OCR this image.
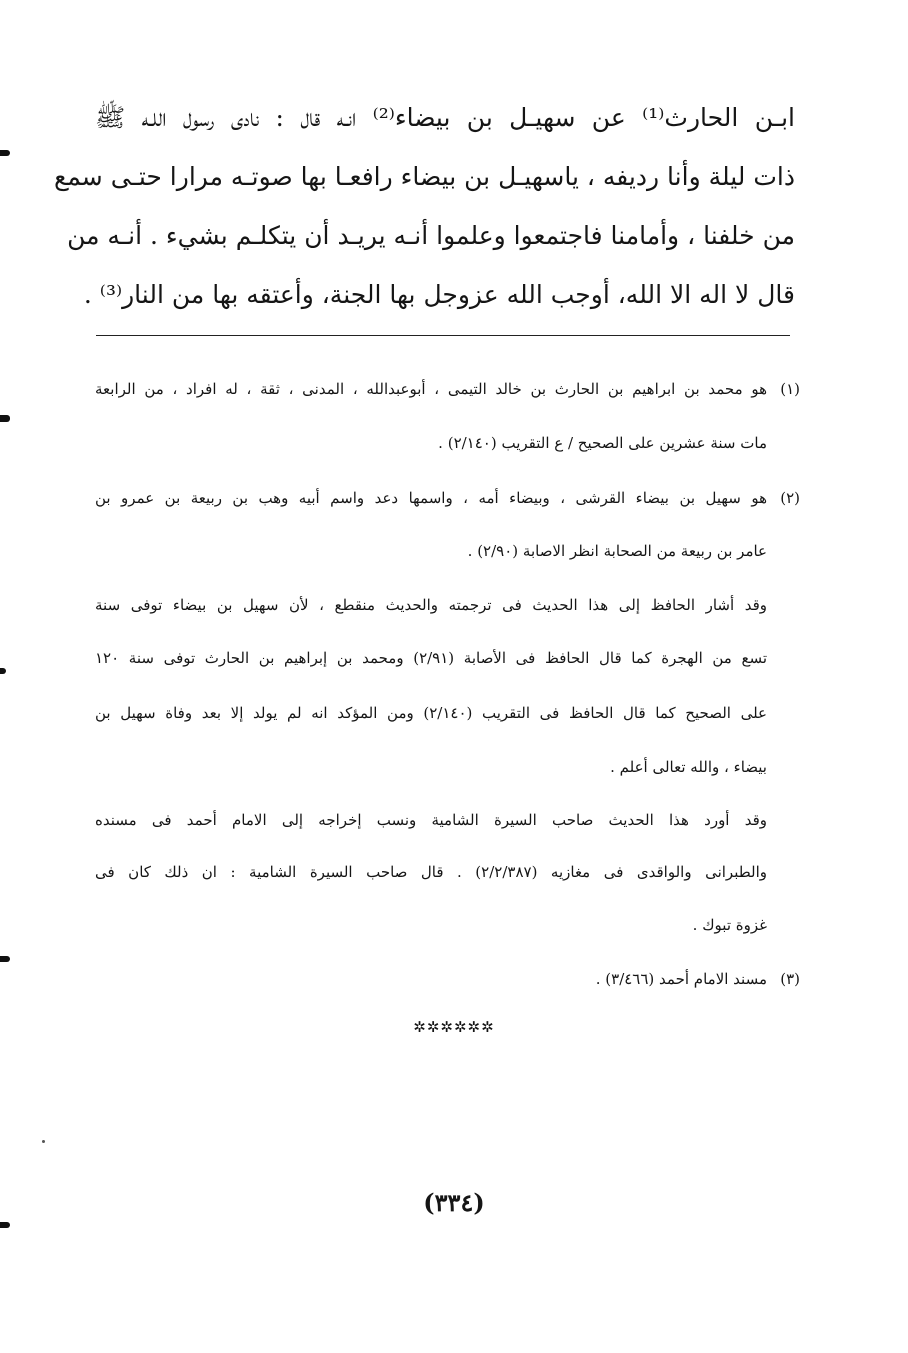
ابـن الحارث⁽¹⁾ عن سهيـل بن بيضاء⁽²⁾ انـه قال : نادى رسول اللـه ﷺ
ذات ليلة وأنا رديفه ، ياسهيـل بن بيضاء رافعـا بها صوتـه مرارا حتـى سمع
من خلفنا ، وأمامنا فاجتمعوا وعلموا أنـه يريـد أن يتكلـم بشيء . أنـه من
قال لا اله الا الله، أوجب الله عزوجل بها الجنة، وأعتقه بها من النار⁽³⁾ .
(١)
هو محمد بن ابراهيم بن الحارث بن خالد التيمى ، أبوعبدالله ، المدنى ، ثقة ، له افراد ، من الرابعة
مات سنة عشرين على الصحيح / ع التقريب (٢/١٤٠) .
(٢)
هو سهيل بن بيضاء القرشى ، وبيضاء أمه ، واسمها دعد واسم أبيه وهب بن ربيعة بن عمرو بن
عامر بن ربيعة من الصحابة انظر الاصابة (٢/٩٠) .
وقد أشار الحافظ إلى هذا الحديث فى ترجمته والحديث منقطع ، لأن سهيل بن بيضاء توفى سنة
تسع من الهجرة كما قال الحافظ فى الأصابة (٢/٩١) ومحمد بن إبراهيم بن الحارث توفى سنة ١٢٠
على الصحيح كما قال الحافظ فى التقريب (٢/١٤٠) ومن المؤكد انه لم يولد إلا بعد وفاة سهيل بن
بيضاء ، والله تعالى أعلم .
وقد أورد هذا الحديث صاحب السيرة الشامية ونسب إخراجه إلى الامام أحمد فى مسنده
والطبرانى والواقدى فى مغازيه (٢/٢/٣٨٧) . قال صاحب السيرة الشامية : ان ذلك كان فى
غزوة تبوك .
(٣)
مسند الامام أحمد (٣/٤٦٦) .
✲✲✲✲✲✲
(٣٣٤)
